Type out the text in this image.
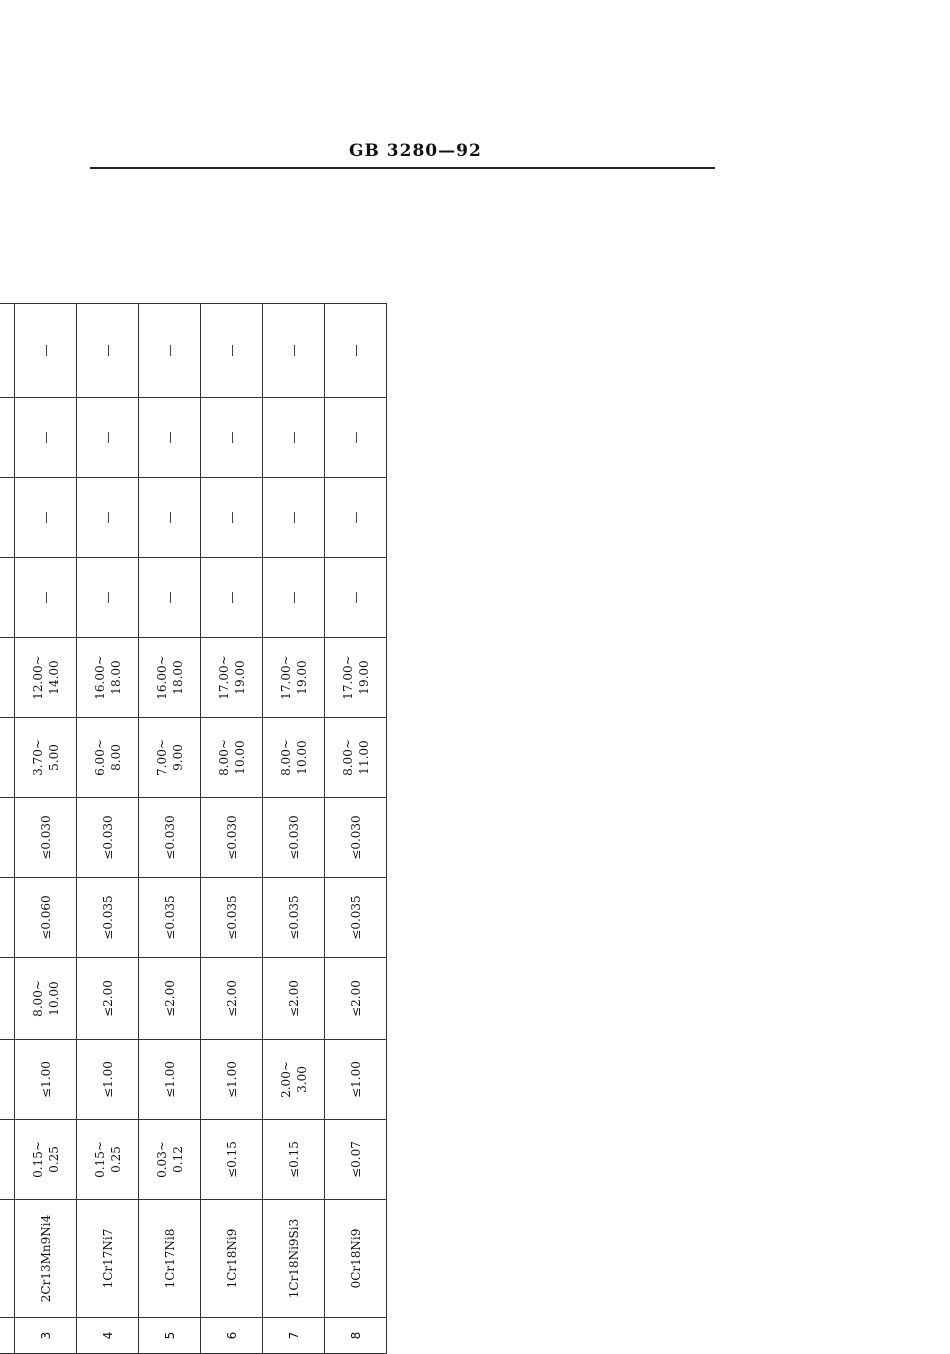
GB 3280—92

3	2Cr13Mn9Ni4	0.15~ 0.25	≤1.00	8.00~ 10.00	≤0.060	≤0.030	3.70~ 5.00	12.00~ 14.00	—	—	—	—

4	1Cr17Ni7	0.15~ 0.25	≤1.00	≤2.00	≤0.035	≤0.030	6.00~ 8.00	16.00~ 18.00	—	—	—	—

5	1Cr17Ni8	0.03~ 0.12	≤1.00	≤2.00	≤0.035	≤0.030	7.00~ 9.00	16.00~ 18.00	—	—	—	—

6	1Cr18Ni9	≤0.15	≤1.00	≤2.00	≤0.035	≤0.030	8.00~ 10.00	17.00~ 19.00	—	—	—	—

7	1Cr18Ni9Si3	≤0.15	2.00~ 3.00	≤2.00	≤0.035	≤0.030	8.00~ 10.00	17.00~ 19.00	—	—	—	—

8	0Cr18Ni9	≤0.07	≤1.00	≤2.00	≤0.035	≤0.030	8.00~ 11.00	17.00~ 19.00	—	—	—	—
